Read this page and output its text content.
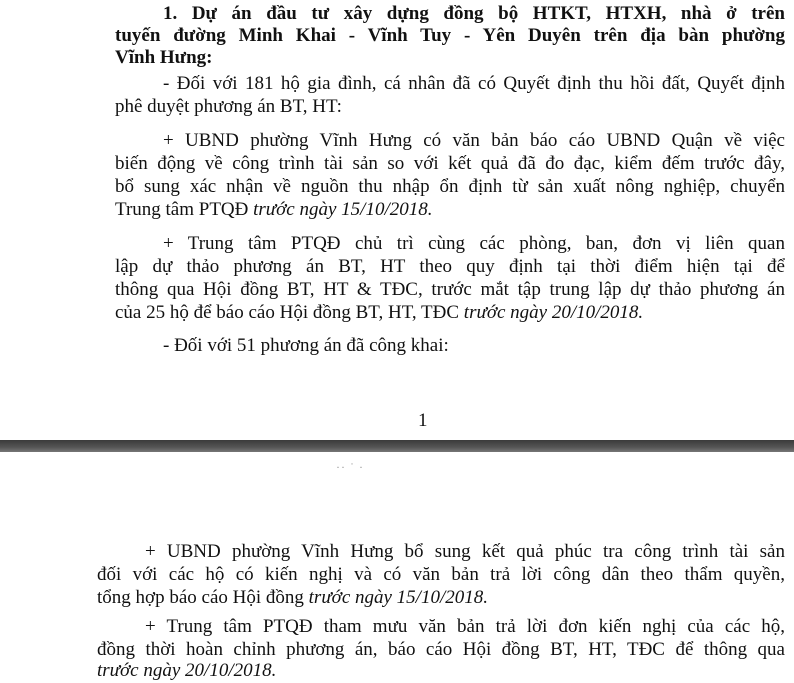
1. Dự án đầu tư xây dựng đồng bộ HTKT, HTXH, nhà ở trên
tuyến đường Minh Khai - Vĩnh Tuy - Yên Duyên trên địa bàn phường
Vĩnh Hưng:
- Đối với 181 hộ gia đình, cá nhân đã có Quyết định thu hồi đất, Quyết định
phê duyệt phương án BT, HT:
+ UBND phường Vĩnh Hưng có văn bản báo cáo UBND Quận về việc
biến động về công trình tài sản so với kết quả đã đo đạc, kiểm đếm trước đây,
bổ sung xác nhận về nguồn thu nhập ổn định từ sản xuất nông nghiệp, chuyển
Trung tâm PTQĐ trước ngày 15/10/2018.
+ Trung tâm PTQĐ chủ trì cùng các phòng, ban, đơn vị liên quan
lập dự thảo phương án BT, HT theo quy định tại thời điểm hiện tại để
thông qua Hội đồng BT, HT & TĐC, trước mắt tập trung lập dự thảo phương án
của 25 hộ để báo cáo Hội đồng BT, HT, TĐC trước ngày 20/10/2018.
- Đối với 51 phương án đã công khai:
1
·· ˙ ·
+ UBND phường Vĩnh Hưng bổ sung kết quả phúc tra công trình tài sản
đối với các hộ có kiến nghị và có văn bản trả lời công dân theo thẩm quyền,
tổng hợp báo cáo Hội đồng trước ngày 15/10/2018.
+ Trung tâm PTQĐ tham mưu văn bản trả lời đơn kiến nghị của các hộ,
đồng thời hoàn chỉnh phương án, báo cáo Hội đồng BT, HT, TĐC để thông qua
trước ngày 20/10/2018.
